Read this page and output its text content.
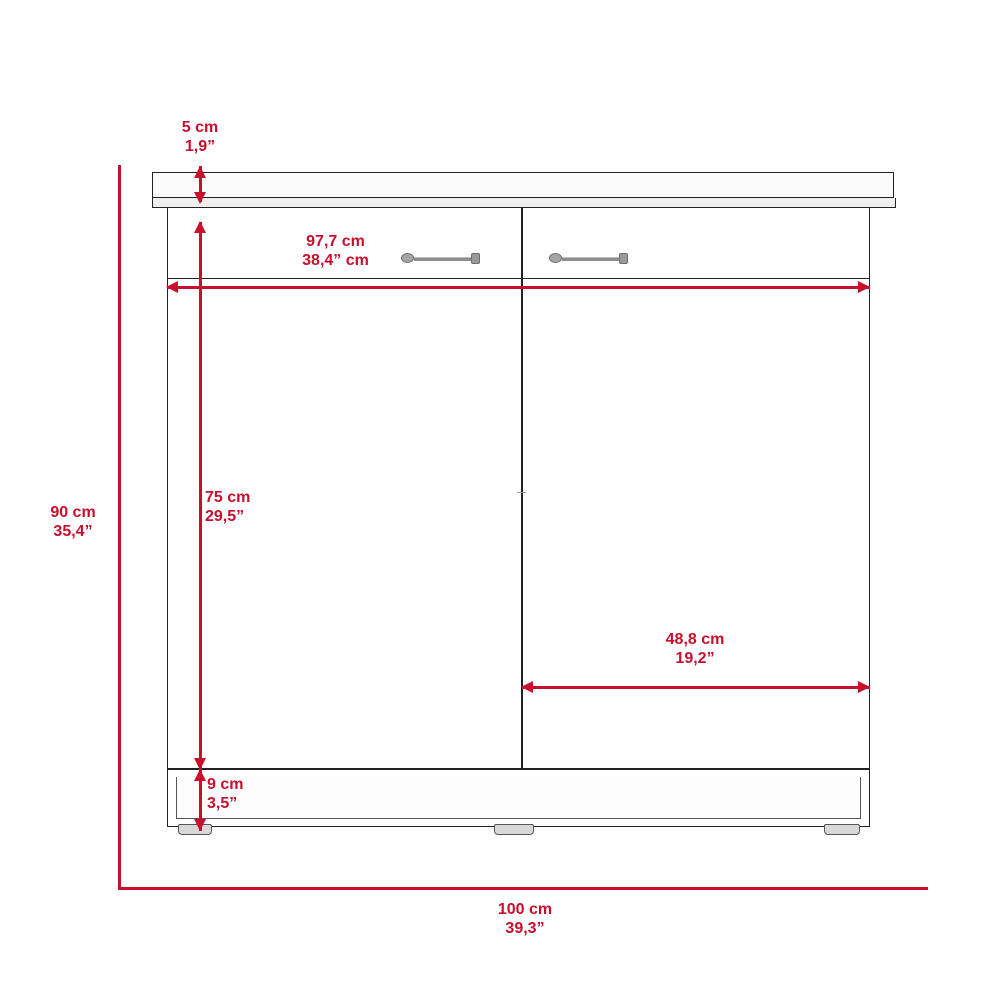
90 cm
35,4”
100 cm
39,3”
5 cm
1,9”
75 cm
29,5”
9 cm
3,5”
97,7 cm
38,4” cm
48,8 cm
19,2”
